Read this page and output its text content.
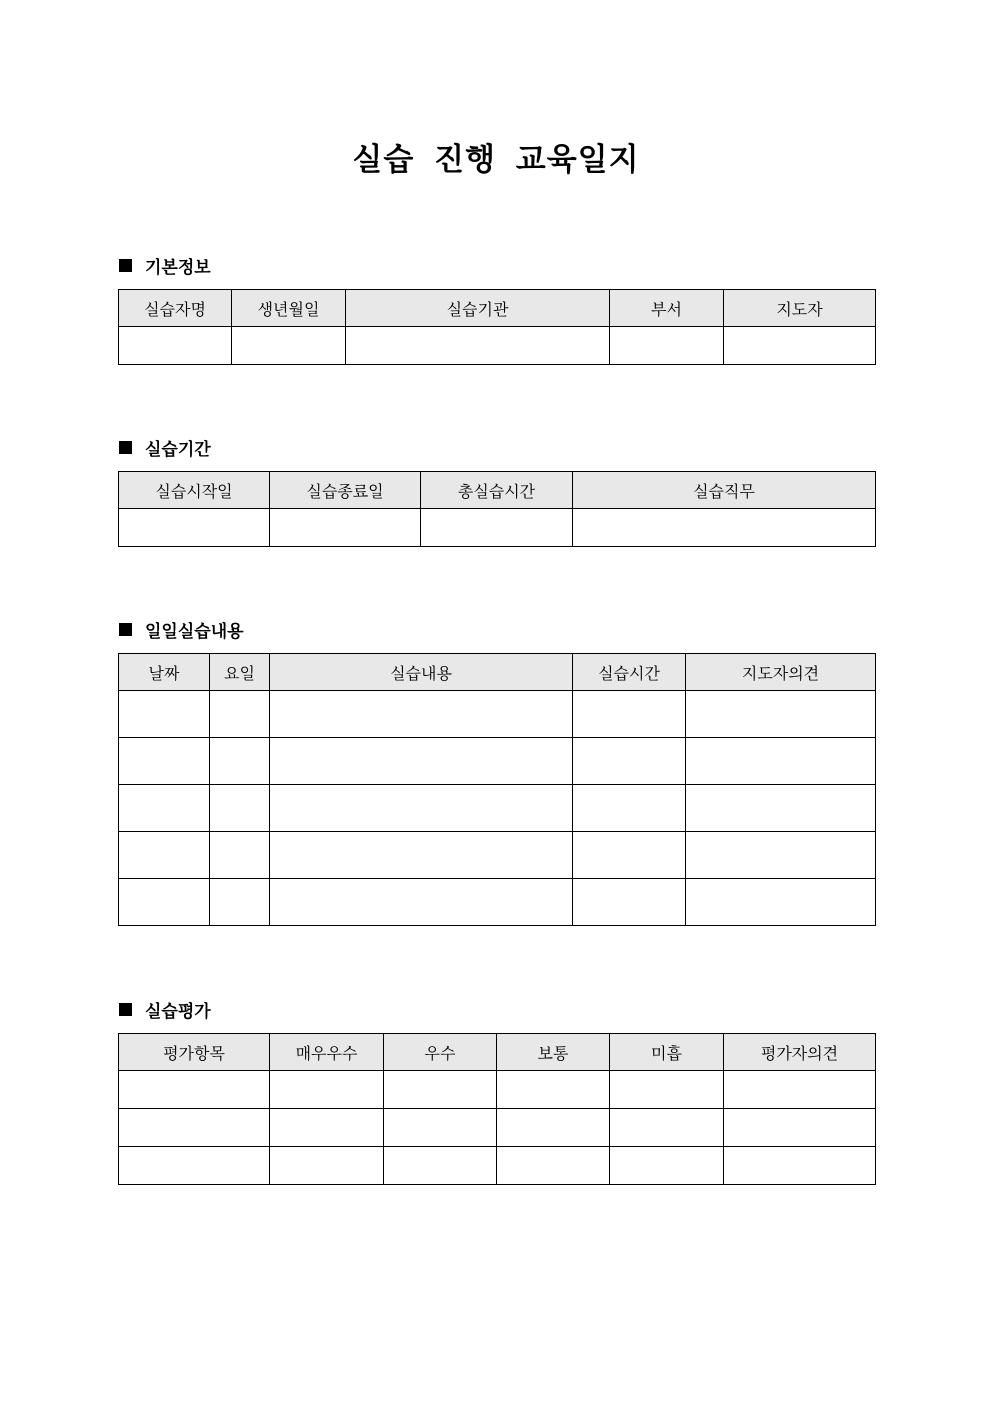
실습 진행 교육일지
기본정보
실습자명	생년월일	실습기관	부서	지도자

실습기간
실습시작일	실습종료일	총실습시간	실습직무

일일실습내용
날짜	요일	실습내용	실습시간	지도자의견

실습평가
평가항목	매우우수	우수	보통	미흡	평가자의견
